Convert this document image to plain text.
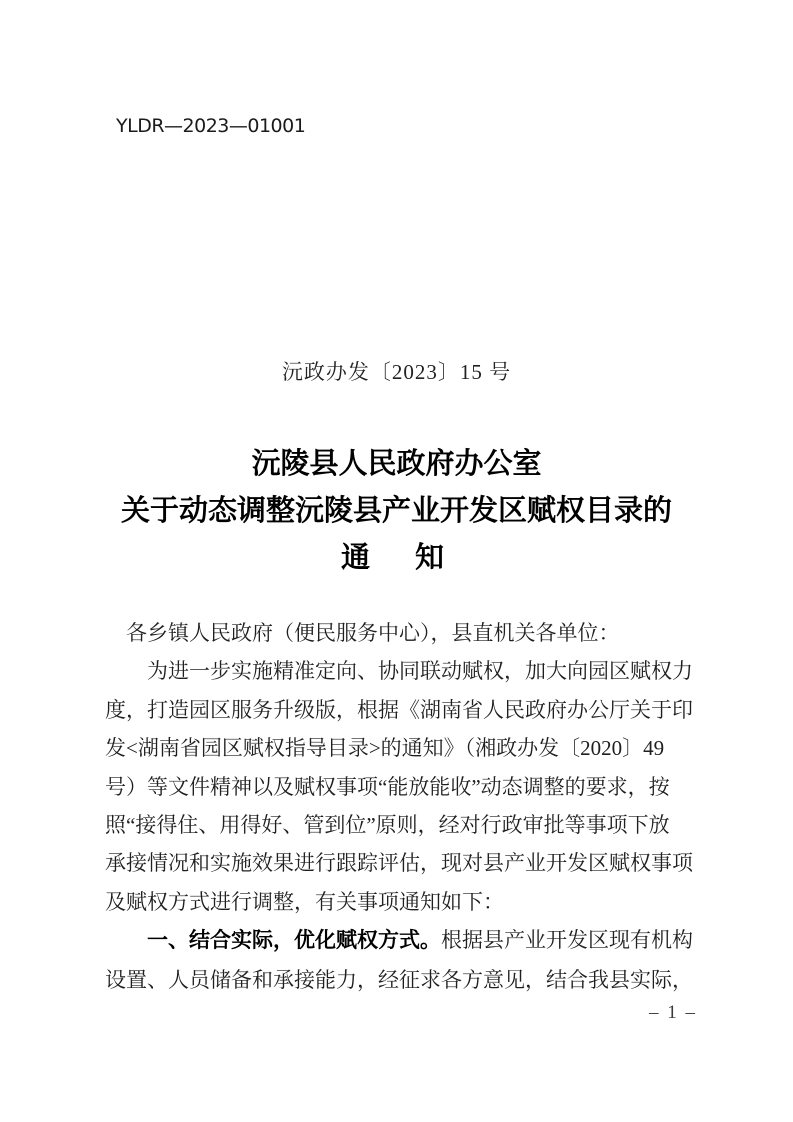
YLDR—2023—01001
沅政办发〔2023〕15 号
沅陵县人民政府办公室
关于动态调整沅陵县产业开发区赋权目录的
通　知
　各乡镇人民政府（便民服务中心），县直机关各单位：
　　为进一步实施精准定向、协同联动赋权，加大向园区赋权力
度，打造园区服务升级版，根据《湖南省人民政府办公厅关于印
发<湖南省园区赋权指导目录>的通知》（湘政办发〔2020〕49
号）等文件精神以及赋权事项“能放能收”动态调整的要求，按
照“接得住、用得好、管到位”原则，经对行政审批等事项下放
承接情况和实施效果进行跟踪评估，现对县产业开发区赋权事项
及赋权方式进行调整，有关事项通知如下：
　　一、结合实际，优化赋权方式。根据县产业开发区现有机构
设置、人员储备和承接能力，经征求各方意见，结合我县实际，
– 1 –
